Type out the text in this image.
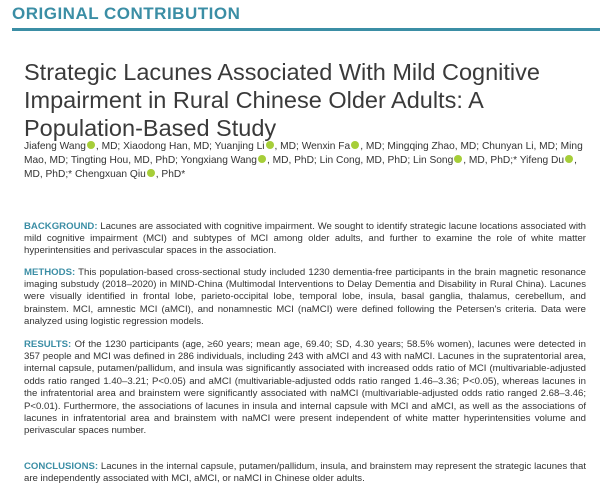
ORIGINAL CONTRIBUTION
Strategic Lacunes Associated With Mild Cognitive Impairment in Rural Chinese Older Adults: A Population-Based Study
Jiafeng Wang , MD; Xiaodong Han, MD; Yuanjing Li , MD; Wenxin Fa , MD; Mingqing Zhao, MD; Chunyan Li, MD; Ming Mao, MD; Tingting Hou, MD, PhD; Yongxiang Wang , MD, PhD; Lin Cong, MD, PhD; Lin Song , MD, PhD;* Yifeng Du , MD, PhD;* Chengxuan Qiu , PhD*

BACKGROUND: Lacunes are associated with cognitive impairment. We sought to identify strategic lacune locations associated with mild cognitive impairment (MCI) and subtypes of MCI among older adults, and further to examine the role of white matter hyperintensities and perivascular spaces in the association.

METHODS: This population-based cross-sectional study included 1230 dementia-free participants in the brain magnetic resonance imaging substudy (2018–2020) in MIND-China (Multimodal Interventions to Delay Dementia and Disability in Rural China). Lacunes were visually identified in frontal lobe, parieto-occipital lobe, temporal lobe, insula, basal ganglia, thalamus, cerebellum, and brainstem. MCI, amnestic MCI (aMCI), and nonamnestic MCI (naMCI) were defined following the Petersen's criteria. Data were analyzed using logistic regression models.

RESULTS: Of the 1230 participants (age, ≥60 years; mean age, 69.40; SD, 4.30 years; 58.5% women), lacunes were detected in 357 people and MCI was defined in 286 individuals, including 243 with aMCI and 43 with naMCI. Lacunes in the supratentorial area, internal capsule, putamen/pallidum, and insula was significantly associated with increased odds ratio of MCI (multivariable-adjusted odds ratio ranged 1.40–3.21; P<0.05) and aMCI (multivariable-adjusted odds ratio ranged 1.46–3.36; P<0.05), whereas lacunes in the infratentorial area and brainstem were significantly associated with naMCI (multivariable-adjusted odds ratio ranged 2.68–3.46; P<0.01). Furthermore, the associations of lacunes in insula and internal capsule with MCI and aMCI, as well as the associations of lacunes in infratentorial area and brainstem with naMCI were present independent of white matter hyperintensities volume and perivascular spaces number.

CONCLUSIONS: Lacunes in the internal capsule, putamen/pallidum, insula, and brainstem may represent the strategic lacunes that are independently associated with MCI, aMCI, or naMCI in Chinese older adults.
